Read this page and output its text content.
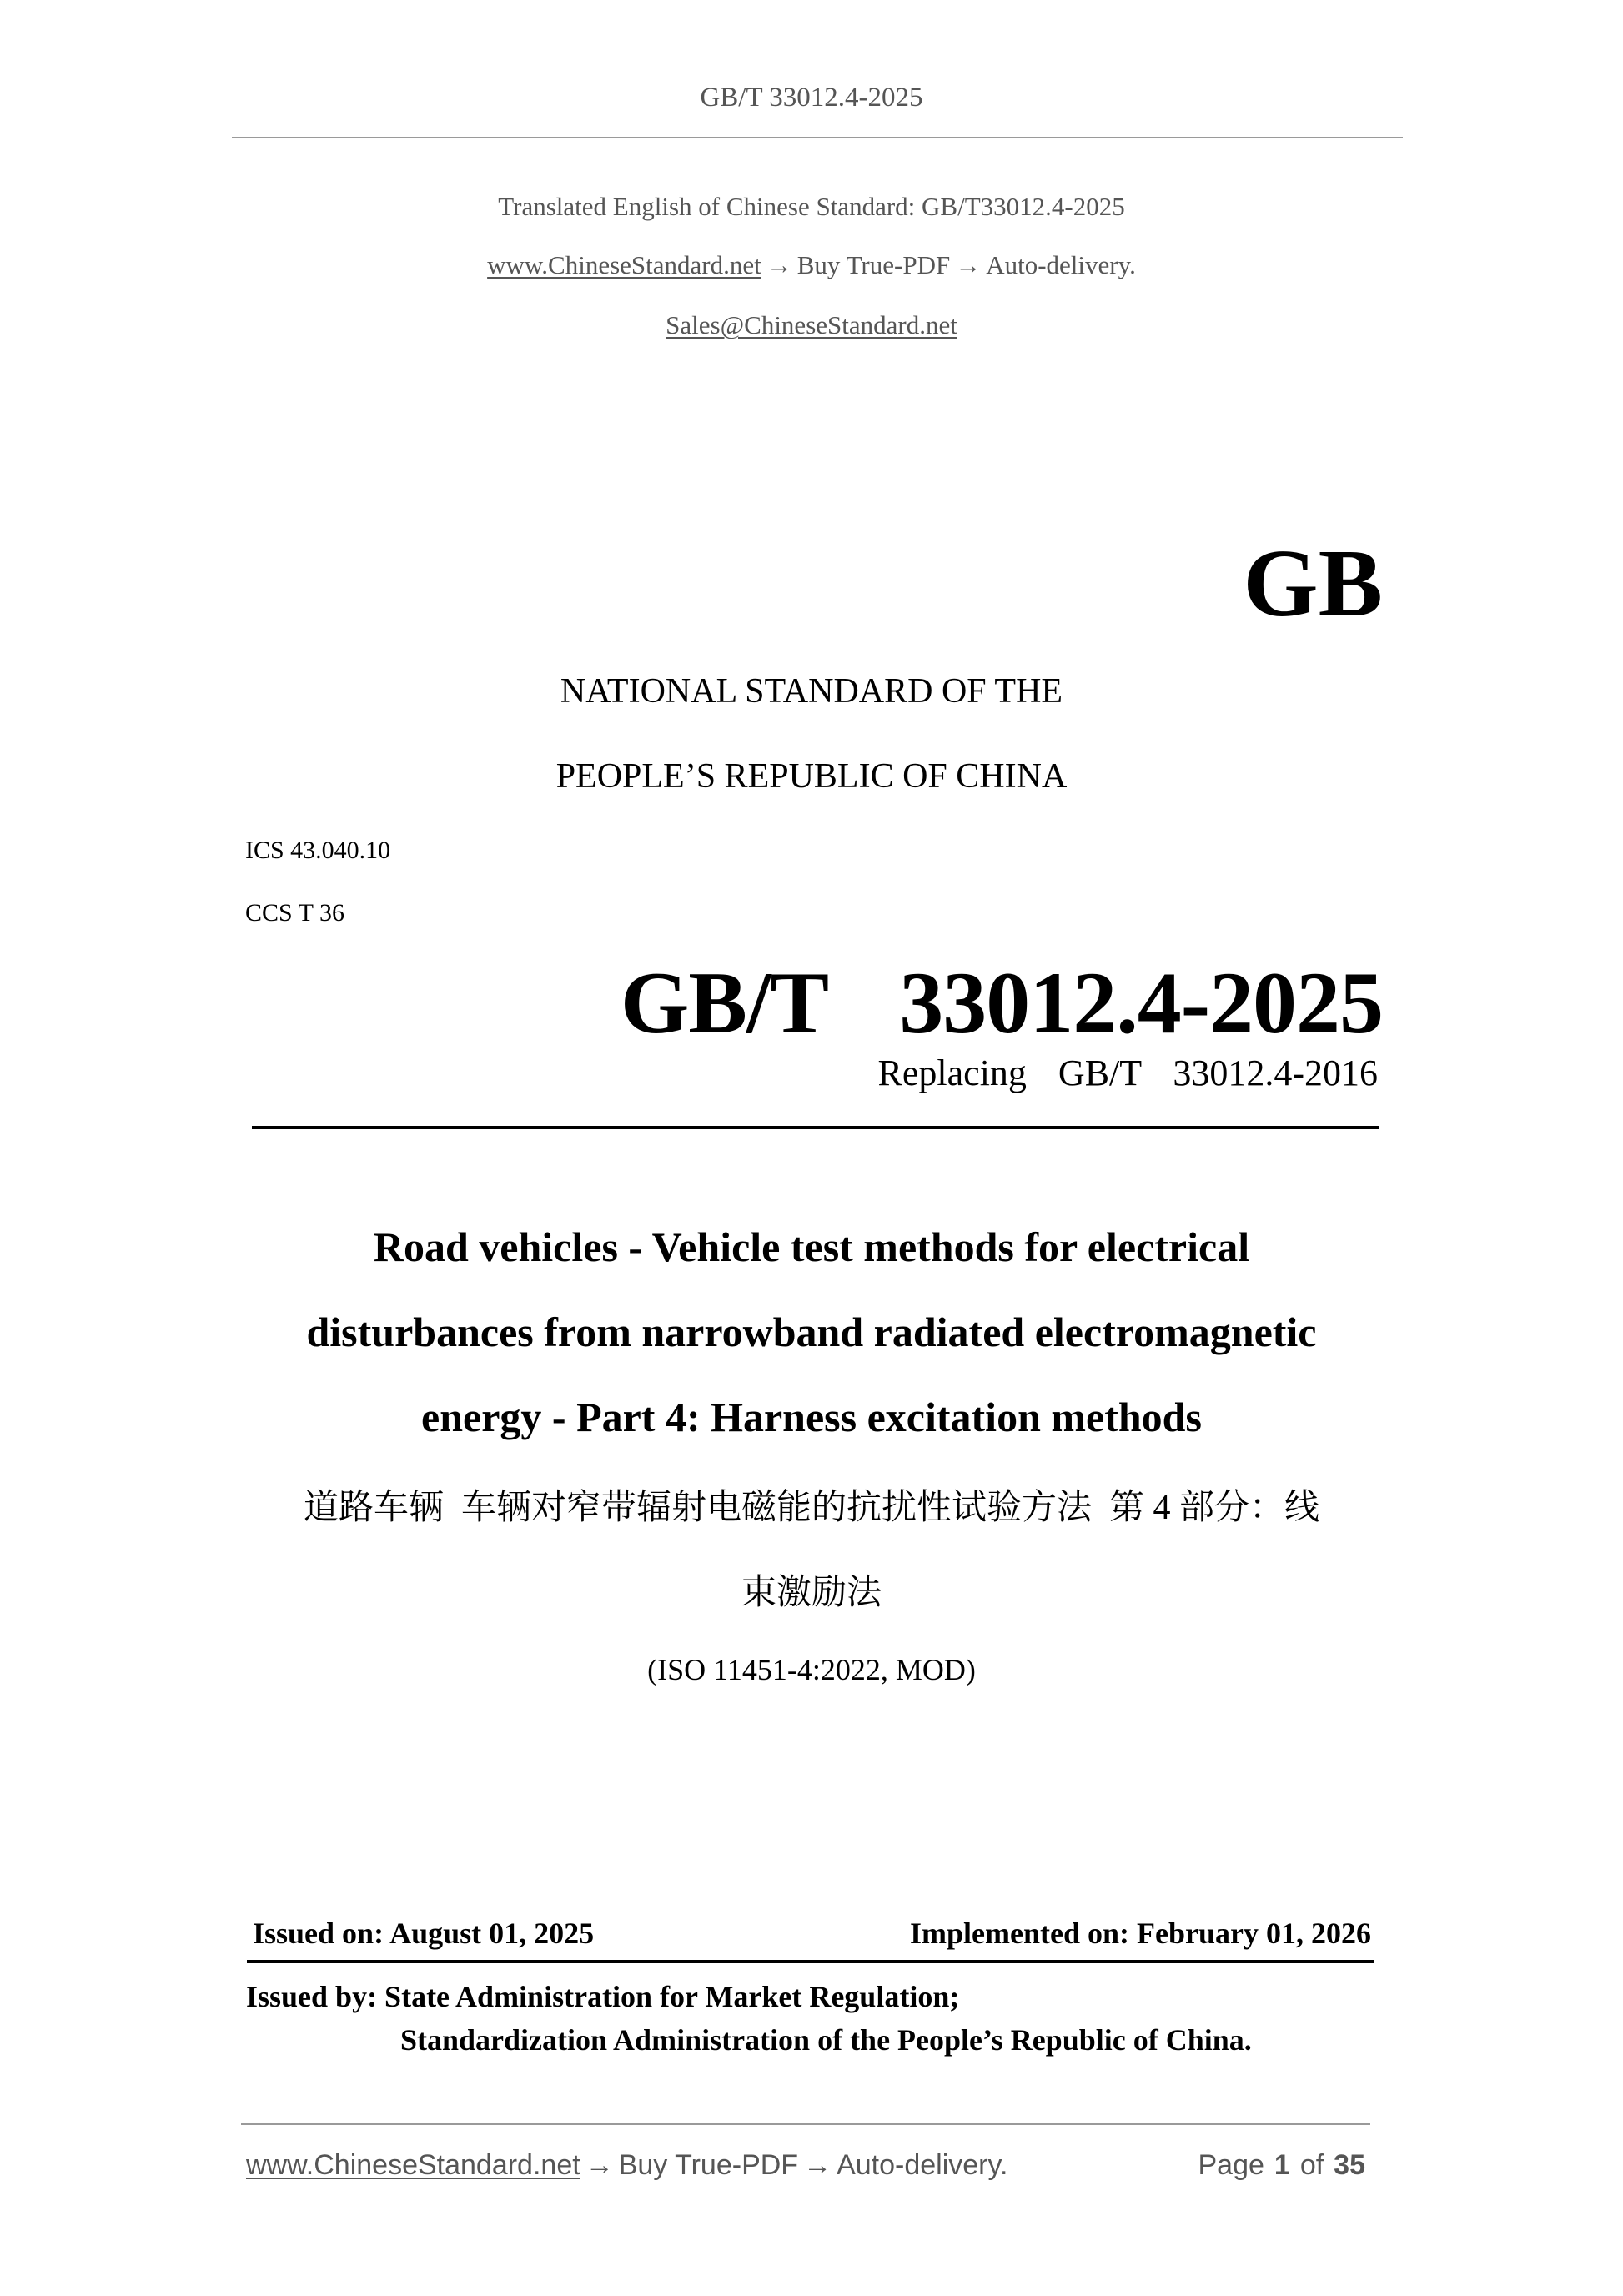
GB/T 33012.4-2025
Translated English of Chinese Standard: GB/T33012.4-2025
www.ChineseStandard.net → Buy True-PDF → Auto-delivery.
Sales@ChineseStandard.net
GB
NATIONAL STANDARD OF THE
PEOPLE’S REPUBLIC OF CHINA
ICS 43.040.10
CCS T 36
GB/T  33012.4-2025
Replacing  GB/T  33012.4-2016
Road vehicles - Vehicle test methods for electrical
disturbances from narrowband radiated electromagnetic
energy - Part 4: Harness excitation methods
道路车辆  车辆对窄带辐射电磁能的抗扰性试验方法  第 4 部分：线
束激励法
(ISO 11451-4:2022, MOD)
Issued on: August 01, 2025	Implemented on: February 01, 2026
Issued by: State Administration for Market Regulation;
Standardization Administration of the People’s Republic of China.
www.ChineseStandard.net → Buy True-PDF → Auto-delivery.	Page 1 of 35
